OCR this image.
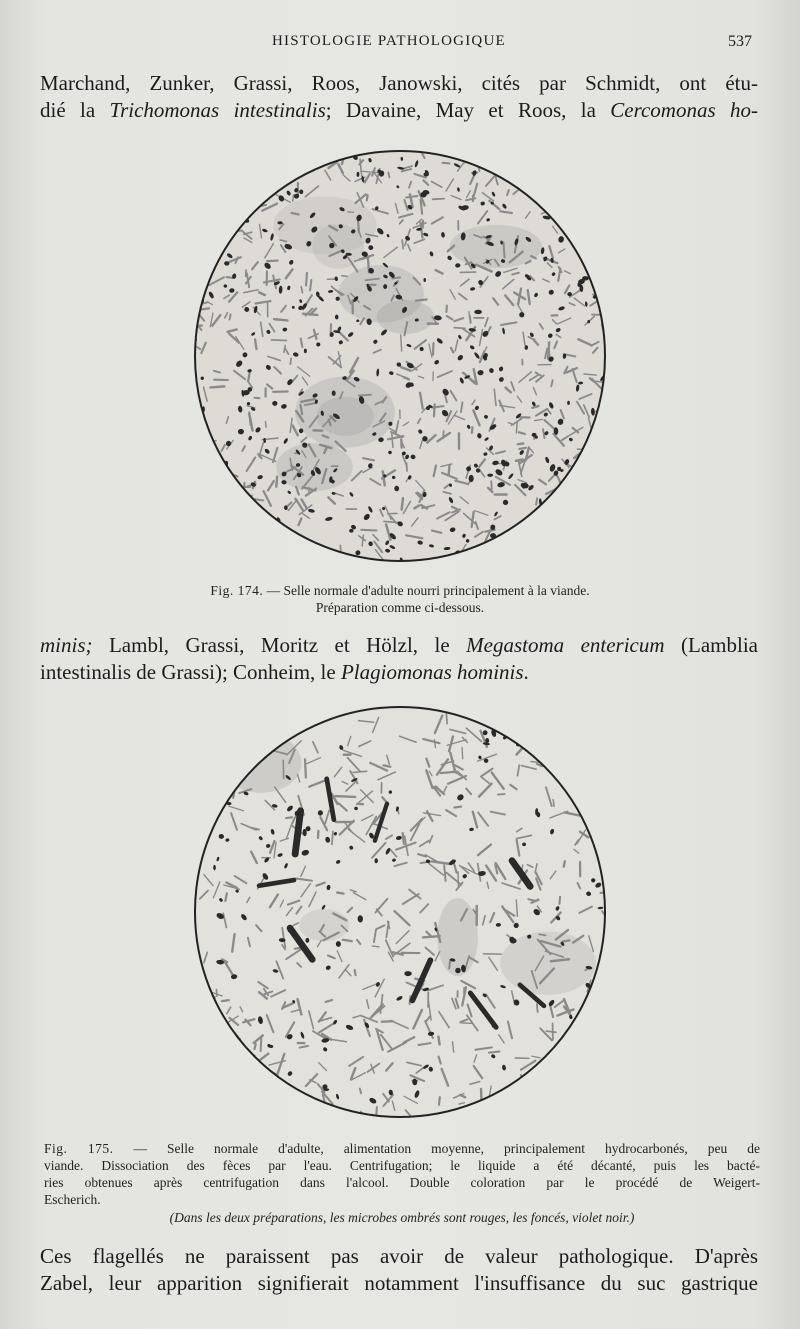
HISTOLOGIE PATHOLOGIQUE	537
Marchand, Zunker, Grassi, Roos, Janowski, cités par Schmidt, ont étu-
dié la Trichomonas intestinalis; Davaine, May et Roos, la Cercomonas ho-
Fig. 174. — Selle normale d'adulte nourri principalement à la viande.
Préparation comme ci-dessous.
minis; Lambl, Grassi, Moritz et Hölzl, le Megastoma entericum (Lamblia
intestinalis de Grassi); Conheim, le Plagiomonas hominis.
Fig. 175. — Selle normale d'adulte, alimentation moyenne, principalement hydrocarbonés, peu de
viande. Dissociation des fèces par l'eau. Centrifugation; le liquide a été décanté, puis les bacté-
ries obtenues après centrifugation dans l'alcool. Double coloration par le procédé de Weigert-
Escherich.
(Dans les deux préparations, les microbes ombrés sont rouges, les foncés, violet noir.)
Ces flagellés ne paraissent pas avoir de valeur pathologique. D'après
Zabel, leur apparition signifierait notamment l'insuffisance du suc gastrique
